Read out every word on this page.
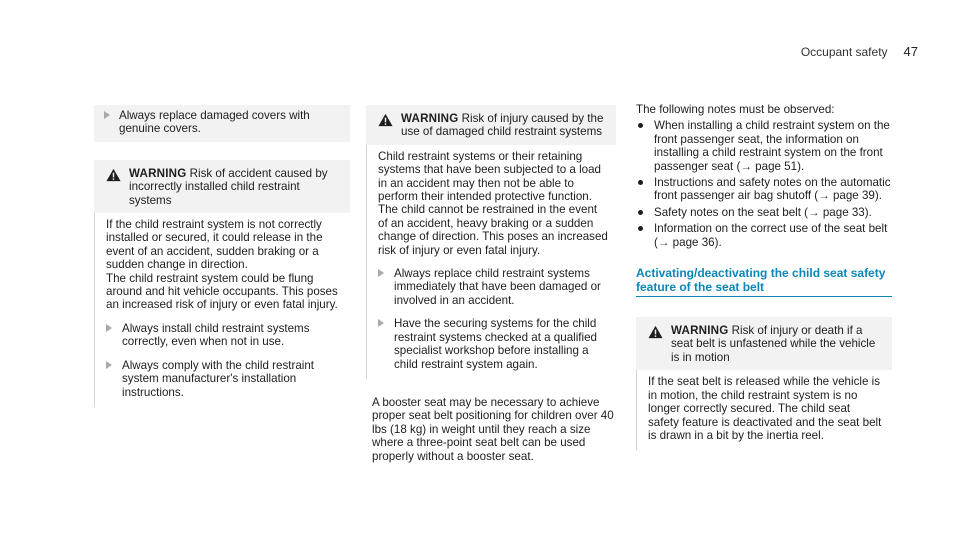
Occupant safety 47
Always replace damaged covers with genuine covers.
WARNING Risk of accident caused by incorrectly installed child restraint systems

If the child restraint system is not correctly installed or secured, it could release in the event of an accident, sudden braking or a sudden change in direction.

The child restraint system could be flung around and hit vehicle occupants. This poses an increased risk of injury or even fatal injury.

Always install child restraint systems correctly, even when not in use.
Always comply with the child restraint system manufacturer's installation instructions.
WARNING Risk of injury caused by the use of damaged child restraint systems

Child restraint systems or their retaining systems that have been subjected to a load in an accident may then not be able to perform their intended protective function.

The child cannot be restrained in the event of an accident, heavy braking or a sudden change of direction. This poses an increased risk of injury or even fatal injury.

Always replace child restraint systems immediately that have been damaged or involved in an accident.
Have the securing systems for the child restraint systems checked at a qualified specialist workshop before installing a child restraint system again.

A booster seat may be necessary to achieve proper seat belt positioning for children over 40 lbs (18 kg) in weight until they reach a size where a three-point seat belt can be used properly without a booster seat.

The following notes must be observed:

When installing a child restraint system on the front passenger seat, the information on installing a child restraint system on the front passenger seat (→ page 51).
Instructions and safety notes on the automatic front passenger air bag shutoff (→ page 39).
Safety notes on the seat belt (→ page 33).
Information on the correct use of the seat belt (→ page 36).
Activating/deactivating the child seat safety feature of the seat belt
WARNING Risk of injury or death if a seat belt is unfastened while the vehicle is in motion

If the seat belt is released while the vehicle is in motion, the child restraint system is no longer correctly secured. The child seat safety feature is deactivated and the seat belt is drawn in a bit by the inertia reel.
